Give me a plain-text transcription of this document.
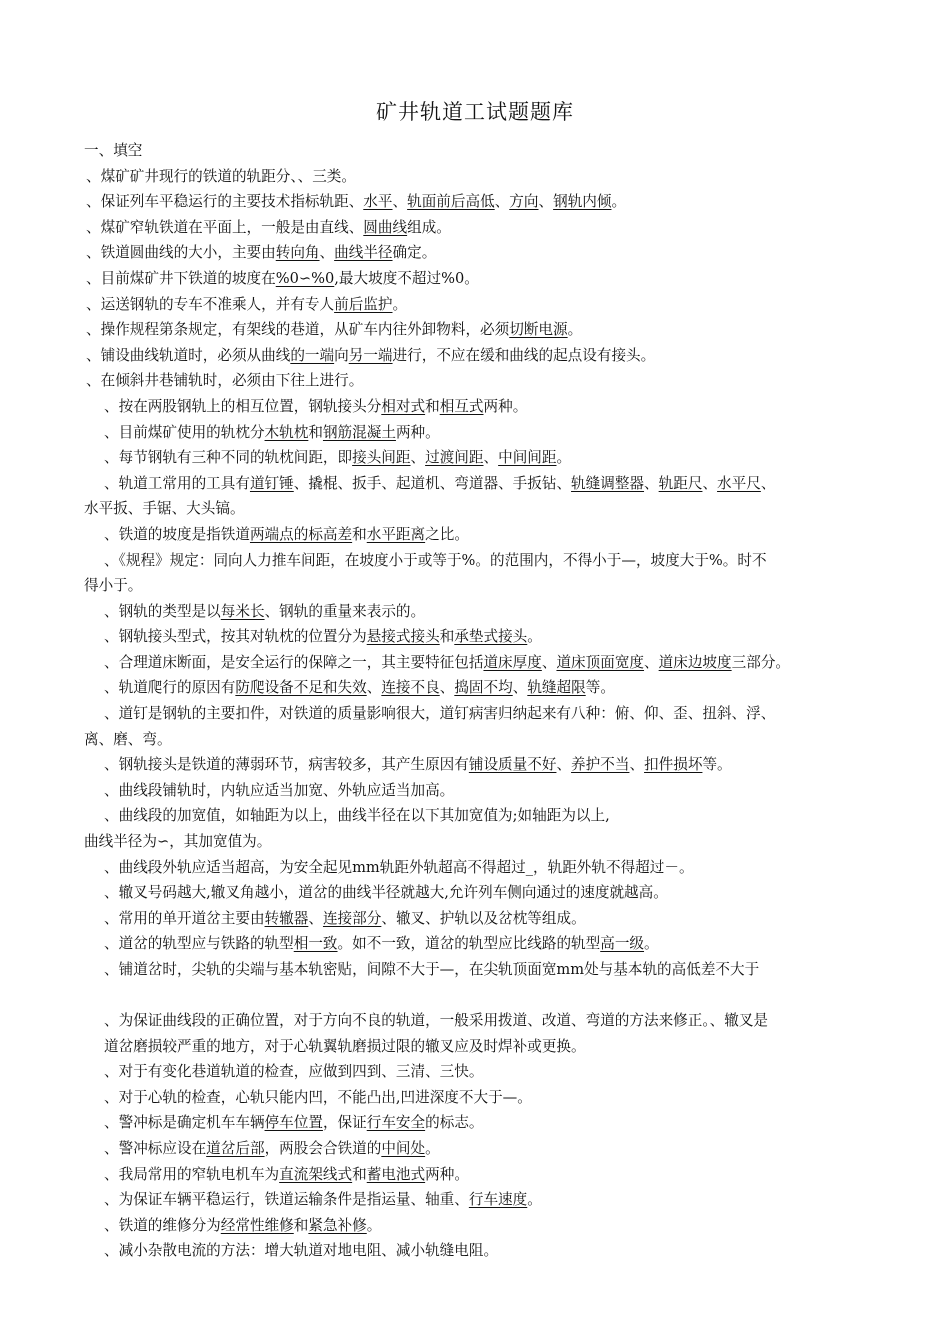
矿井轨道工试题题库
一、填空
、煤矿矿井现行的铁道的轨距分、、三类。
、保证列车平稳运行的主要技术指标轨距、水平、轨面前后高低、方向、钢轨内倾。
、煤矿窄轨铁道在平面上，一般是由直线、圆曲线组成。
、铁道圆曲线的大小，主要由转向角、曲线半径确定。
、目前煤矿井下铁道的坡度在%0∽%0,最大坡度不超过%0。
、运送钢轨的专车不准乘人，并有专人前后监护。
、操作规程第条规定，有架线的巷道，从矿车内往外卸物料，必须切断电源。
、铺设曲线轨道时，必须从曲线的一端向另一端进行，不应在缓和曲线的起点设有接头。
、在倾斜井巷铺轨时，必须由下往上进行。
、按在两股钢轨上的相互位置，钢轨接头分相对式和相互式两种。
、目前煤矿使用的轨枕分木轨枕和钢筋混凝土两种。
、每节钢轨有三种不同的轨枕间距，即接头间距、过渡间距、中间间距。
、轨道工常用的工具有道钉锤、撬棍、扳手、起道机、弯道器、手扳钻、轨缝调整器、轨距尺、水平尺、
水平扳、手锯、大头镐。
、铁道的坡度是指铁道两端点的标高差和水平距离之比。
、《规程》规定：同向人力推车间距，在坡度小于或等于%。的范围内，不得小于—，坡度大于%。时不
得小于。
、钢轨的类型是以每米长、钢轨的重量来表示的。
、钢轨接头型式，按其对轨枕的位置分为悬接式接头和承垫式接头。
、合理道床断面，是安全运行的保障之一，其主要特征包括道床厚度、道床顶面宽度、道床边坡度三部分。
、轨道爬行的原因有防爬设备不足和失效、连接不良、捣固不均、轨缝超限等。
、道钉是钢轨的主要扣件，对铁道的质量影响很大，道钉病害归纳起来有八种：俯、仰、歪、扭斜、浮、
离、磨、弯。
、钢轨接头是铁道的薄弱环节，病害较多，其产生原因有铺设质量不好、养护不当、扣件损坏等。
、曲线段铺轨时，内轨应适当加宽、外轨应适当加高。
、曲线段的加宽值，如轴距为以上，曲线半径在以下其加宽值为;如轴距为以上,
曲线半径为∽，其加宽值为。
、曲线段外轨应适当超高，为安全起见mm轨距外轨超高不得超过_，轨距外轨不得超过－。
、辙叉号码越大,辙叉角越小，道岔的曲线半径就越大,允许列车侧向通过的速度就越高。
、常用的单开道岔主要由转辙器、连接部分、辙叉、护轨以及岔枕等组成。
、道岔的轨型应与铁路的轨型相一致。如不一致，道岔的轨型应比线路的轨型高一级。
、铺道岔时，尖轨的尖端与基本轨密贴，间隙不大于—，在尖轨顶面宽mm处与基本轨的高低差不大于
、为保证曲线段的正确位置，对于方向不良的轨道，一般采用拨道、改道、弯道的方法来修正。、辙叉是
道岔磨损较严重的地方，对于心轨翼轨磨损过限的辙叉应及时焊补或更换。
、对于有变化巷道轨道的检查，应做到四到、三清、三快。
、对于心轨的检查，心轨只能内凹，不能凸出,凹进深度不大于—。
、警冲标是确定机车车辆停车位置，保证行车安全的标志。
、警冲标应设在道岔后部，两股会合铁道的中间处。
、我局常用的窄轨电机车为直流架线式和蓄电池式两种。
、为保证车辆平稳运行，铁道运输条件是指运量、轴重、行车速度。
、铁道的维修分为经常性维修和紧急补修。
、减小杂散电流的方法：增大轨道对地电阻、减小轨缝电阻。
